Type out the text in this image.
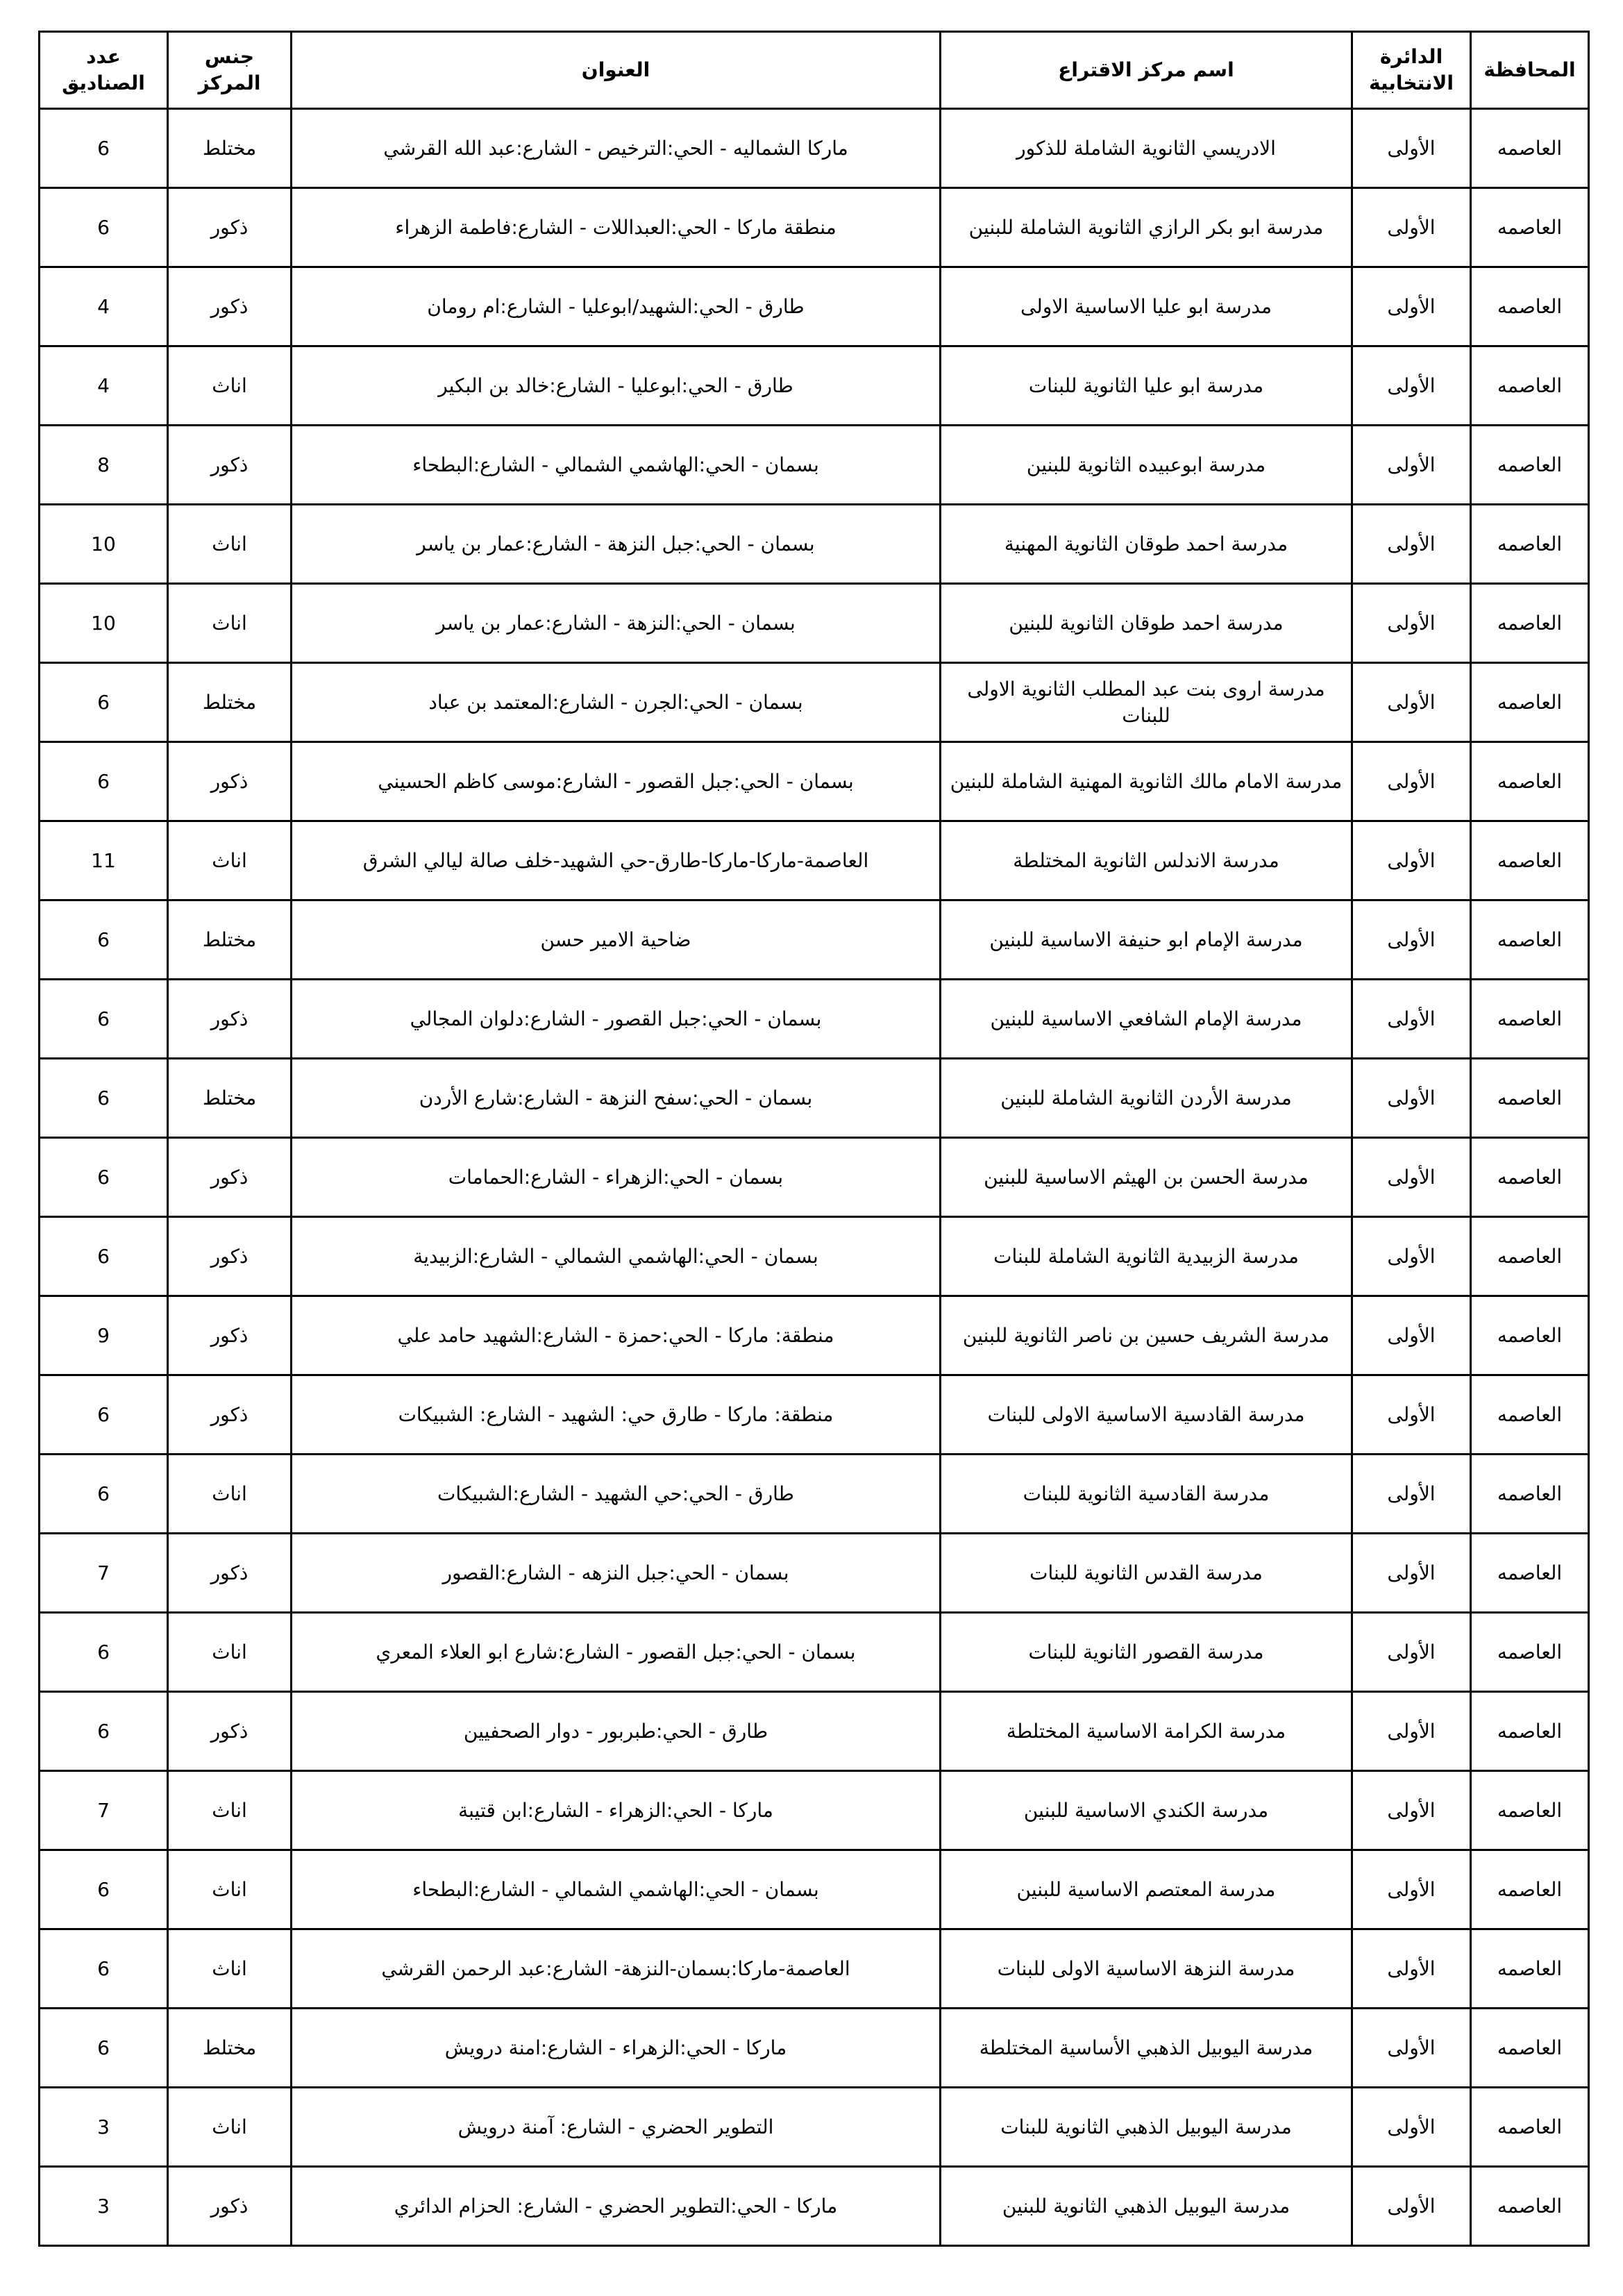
المحافظة	الدائرة الانتخابية	اسم مركز الاقتراع	العنوان	جنس المركز	عدد الصناديق
العاصمه	الأولى	الادريسي الثانوية الشاملة للذكور	ماركا الشماليه - الحي:الترخيص - الشارع:عبد الله القرشي	مختلط	6
العاصمه	الأولى	مدرسة ابو بكر الرازي الثانوية الشاملة للبنين	منطقة ماركا - الحي:العبداللات - الشارع:فاطمة الزهراء	ذكور	6
العاصمه	الأولى	مدرسة ابو عليا الاساسية الاولى	طارق - الحي:الشهيد/ابوعليا - الشارع:ام رومان	ذكور	4
العاصمه	الأولى	مدرسة ابو عليا الثانوية للبنات	طارق - الحي:ابوعليا - الشارع:خالد بن البكير	اناث	4
العاصمه	الأولى	مدرسة ابوعبيده الثانوية للبنين	بسمان - الحي:الهاشمي الشمالي - الشارع:البطحاء	ذكور	8
العاصمه	الأولى	مدرسة احمد طوقان الثانوية المهنية	بسمان - الحي:جبل النزهة - الشارع:عمار بن ياسر	اناث	10
العاصمه	الأولى	مدرسة احمد طوقان الثانوية للبنين	بسمان - الحي:النزهة - الشارع:عمار بن ياسر	اناث	10
العاصمه	الأولى	مدرسة اروى بنت عبد المطلب الثانوية الاولى للبنات	بسمان - الحي:الجرن - الشارع:المعتمد بن عباد	مختلط	6
العاصمه	الأولى	مدرسة الامام مالك الثانوية المهنية الشاملة للبنين	بسمان - الحي:جبل القصور - الشارع:موسى كاظم الحسيني	ذكور	6
العاصمه	الأولى	مدرسة الاندلس الثانوية المختلطة	العاصمة-ماركا-ماركا-طارق-حي الشهيد-خلف صالة ليالي الشرق	اناث	11
العاصمه	الأولى	مدرسة الإمام ابو حنيفة الاساسية للبنين	ضاحية الامير حسن	مختلط	6
العاصمه	الأولى	مدرسة الإمام الشافعي الاساسية للبنين	بسمان - الحي:جبل القصور - الشارع:دلوان المجالي	ذكور	6
العاصمه	الأولى	مدرسة الأردن الثانوية الشاملة للبنين	بسمان - الحي:سفح النزهة - الشارع:شارع الأردن	مختلط	6
العاصمه	الأولى	مدرسة الحسن بن الهيثم الاساسية للبنين	بسمان - الحي:الزهراء - الشارع:الحمامات	ذكور	6
العاصمه	الأولى	مدرسة الزبيدية الثانوية الشاملة للبنات	بسمان - الحي:الهاشمي الشمالي - الشارع:الزبيدية	ذكور	6
العاصمه	الأولى	مدرسة الشريف حسين بن ناصر الثانوية للبنين	منطقة: ماركا - الحي:حمزة - الشارع:الشهيد حامد علي	ذكور	9
العاصمه	الأولى	مدرسة القادسية الاساسية الاولى للبنات	منطقة: ماركا - طارق حي: الشهيد - الشارع: الشبيكات	ذكور	6
العاصمه	الأولى	مدرسة القادسية الثانوية للبنات	طارق - الحي:حي الشهيد - الشارع:الشبيكات	اناث	6
العاصمه	الأولى	مدرسة القدس الثانوية للبنات	بسمان - الحي:جبل النزهه - الشارع:القصور	ذكور	7
العاصمه	الأولى	مدرسة القصور الثانوية للبنات	بسمان - الحي:جبل القصور - الشارع:شارع ابو العلاء المعري	اناث	6
العاصمه	الأولى	مدرسة الكرامة الاساسية المختلطة	طارق - الحي:طبربور - دوار الصحفيين	ذكور	6
العاصمه	الأولى	مدرسة الكندي الاساسية للبنين	ماركا - الحي:الزهراء - الشارع:ابن قتيبة	اناث	7
العاصمه	الأولى	مدرسة المعتصم الاساسية للبنين	بسمان - الحي:الهاشمي الشمالي - الشارع:البطحاء	اناث	6
العاصمه	الأولى	مدرسة النزهة الاساسية الاولى للبنات	العاصمة-ماركا:بسمان-النزهة- الشارع:عبد الرحمن القرشي	اناث	6
العاصمه	الأولى	مدرسة اليوبيل الذهبي الأساسية المختلطة	ماركا - الحي:الزهراء - الشارع:امنة درويش	مختلط	6
العاصمه	الأولى	مدرسة اليوبيل الذهبي الثانوية للبنات	التطوير الحضري - الشارع: آمنة درويش	اناث	3
العاصمه	الأولى	مدرسة اليوبيل الذهبي الثانوية للبنين	ماركا - الحي:التطوير الحضري - الشارع: الحزام الدائري	ذكور	3
